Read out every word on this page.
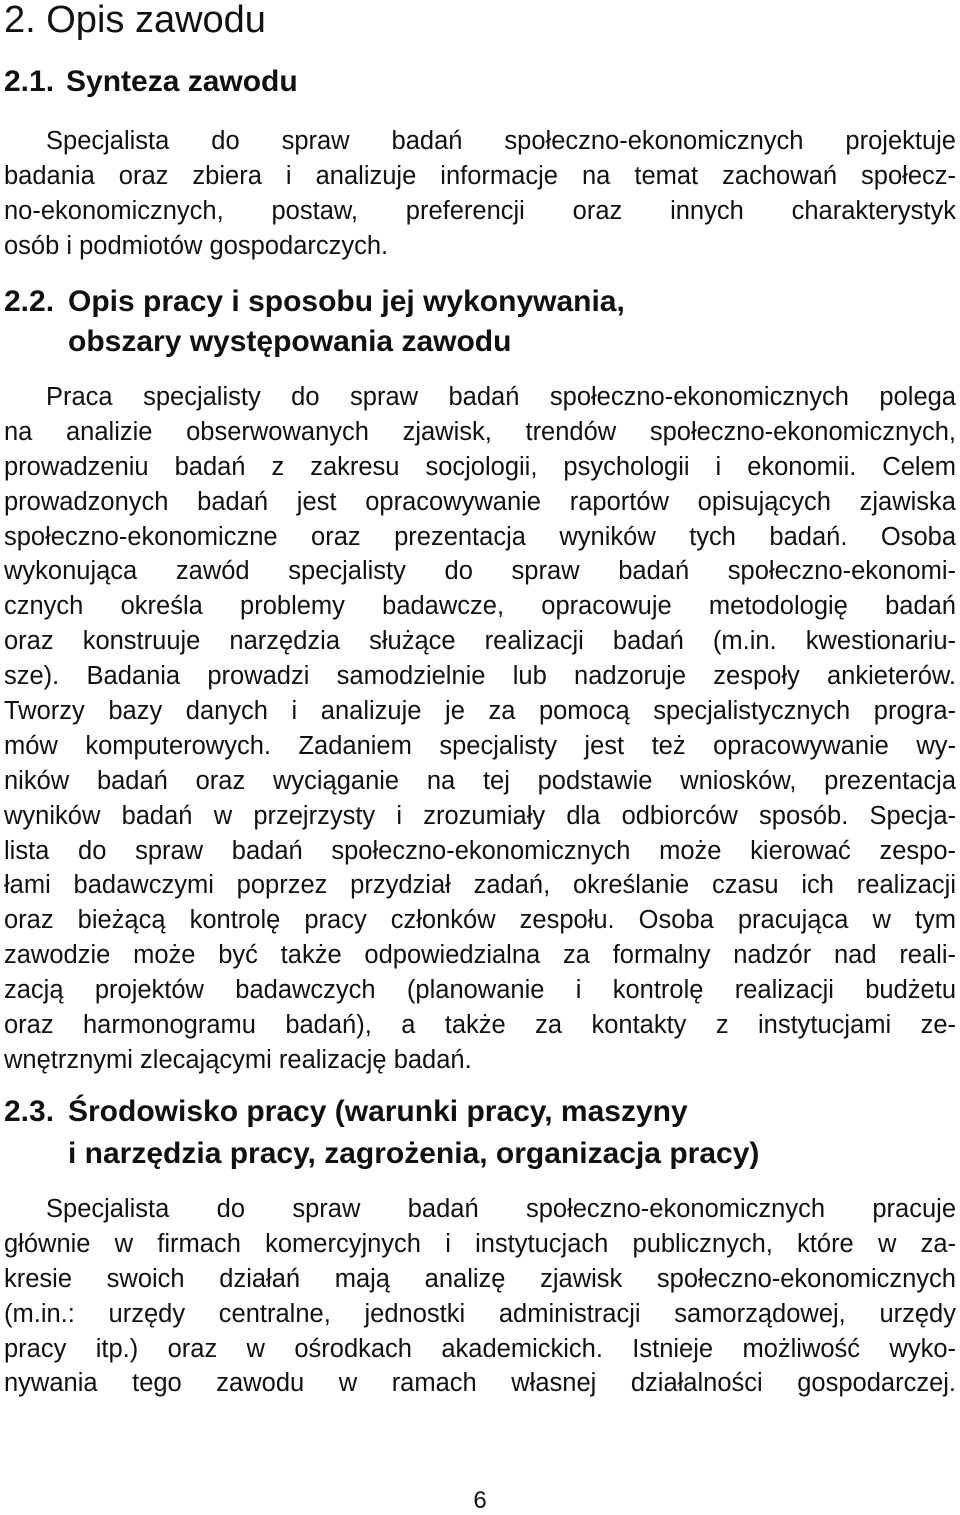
2. Opis zawodu
2.1. Synteza zawodu
Specjalista do spraw badań społeczno-ekonomicznych projektuje
badania oraz zbiera i analizuje informacje na temat zachowań społecz-
no-ekonomicznych, postaw, preferencji oraz innych charakterystyk
osób i podmiotów gospodarczych.
2.2. Opis pracy i sposobu jej wykonywania,
obszary występowania zawodu
Praca specjalisty do spraw badań społeczno-ekonomicznych polega
na analizie obserwowanych zjawisk, trendów społeczno-ekonomicznych,
prowadzeniu badań z zakresu socjologii, psychologii i ekonomii. Celem
prowadzonych badań jest opracowywanie raportów opisujących zjawiska
społeczno-ekonomiczne oraz prezentacja wyników tych badań. Osoba
wykonująca zawód specjalisty do spraw badań społeczno-ekonomi-
cznych określa problemy badawcze, opracowuje metodologię badań
oraz konstruuje narzędzia służące realizacji badań (m.in. kwestionariu-
sze). Badania prowadzi samodzielnie lub nadzoruje zespoły ankieterów.
Tworzy bazy danych i analizuje je za pomocą specjalistycznych progra-
mów komputerowych. Zadaniem specjalisty jest też opracowywanie wy-
ników badań oraz wyciąganie na tej podstawie wniosków, prezentacja
wyników badań w przejrzysty i zrozumiały dla odbiorców sposób. Specja-
lista do spraw badań społeczno-ekonomicznych może kierować zespo-
łami badawczymi poprzez przydział zadań, określanie czasu ich realizacji
oraz bieżącą kontrolę pracy członków zespołu. Osoba pracująca w tym
zawodzie może być także odpowiedzialna za formalny nadzór nad reali-
zacją projektów badawczych (planowanie i kontrolę realizacji budżetu
oraz harmonogramu badań), a także za kontakty z instytucjami ze-
wnętrznymi zlecającymi realizację badań.
2.3. Środowisko pracy (warunki pracy, maszyny
i narzędzia pracy, zagrożenia, organizacja pracy)
Specjalista do spraw badań społeczno-ekonomicznych pracuje
głównie w firmach komercyjnych i instytucjach publicznych, które w za-
kresie swoich działań mają analizę zjawisk społeczno-ekonomicznych
(m.in.: urzędy centralne, jednostki administracji samorządowej, urzędy
pracy itp.) oraz w ośrodkach akademickich. Istnieje możliwość wyko-
nywania tego zawodu w ramach własnej działalności gospodarczej.
6
